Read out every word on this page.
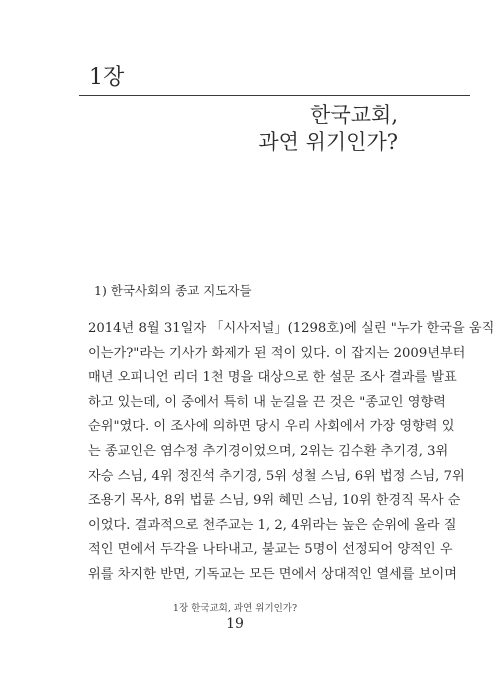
1장
한국교회,
과연 위기인가?
1) 한국사회의 종교 지도자들
2014년 8월 31일자 「시사저널」(1298호)에 실린 "누가 한국을 움직
이는가?"라는 기사가 화제가 된 적이 있다. 이 잡지는 2009년부터
매년 오피니언 리더 1천 명을 대상으로 한 설문 조사 결과를 발표
하고 있는데, 이 중에서 특히 내 눈길을 끈 것은 "종교인 영향력
순위"였다. 이 조사에 의하면 당시 우리 사회에서 가장 영향력 있
는 종교인은 염수정 추기경이었으며, 2위는 김수환 추기경, 3위
자승 스님, 4위 정진석 추기경, 5위 성철 스님, 6위 법정 스님, 7위
조용기 목사, 8위 법륜 스님, 9위 혜민 스님, 10위 한경직 목사 순
이었다. 결과적으로 천주교는 1, 2, 4위라는 높은 순위에 올라 질
적인 면에서 두각을 나타내고, 불교는 5명이 선정되어 양적인 우
위를 차지한 반면, 기독교는 모든 면에서 상대적인 열세를 보이며
1장 한국교회, 과연 위기인가?
19
